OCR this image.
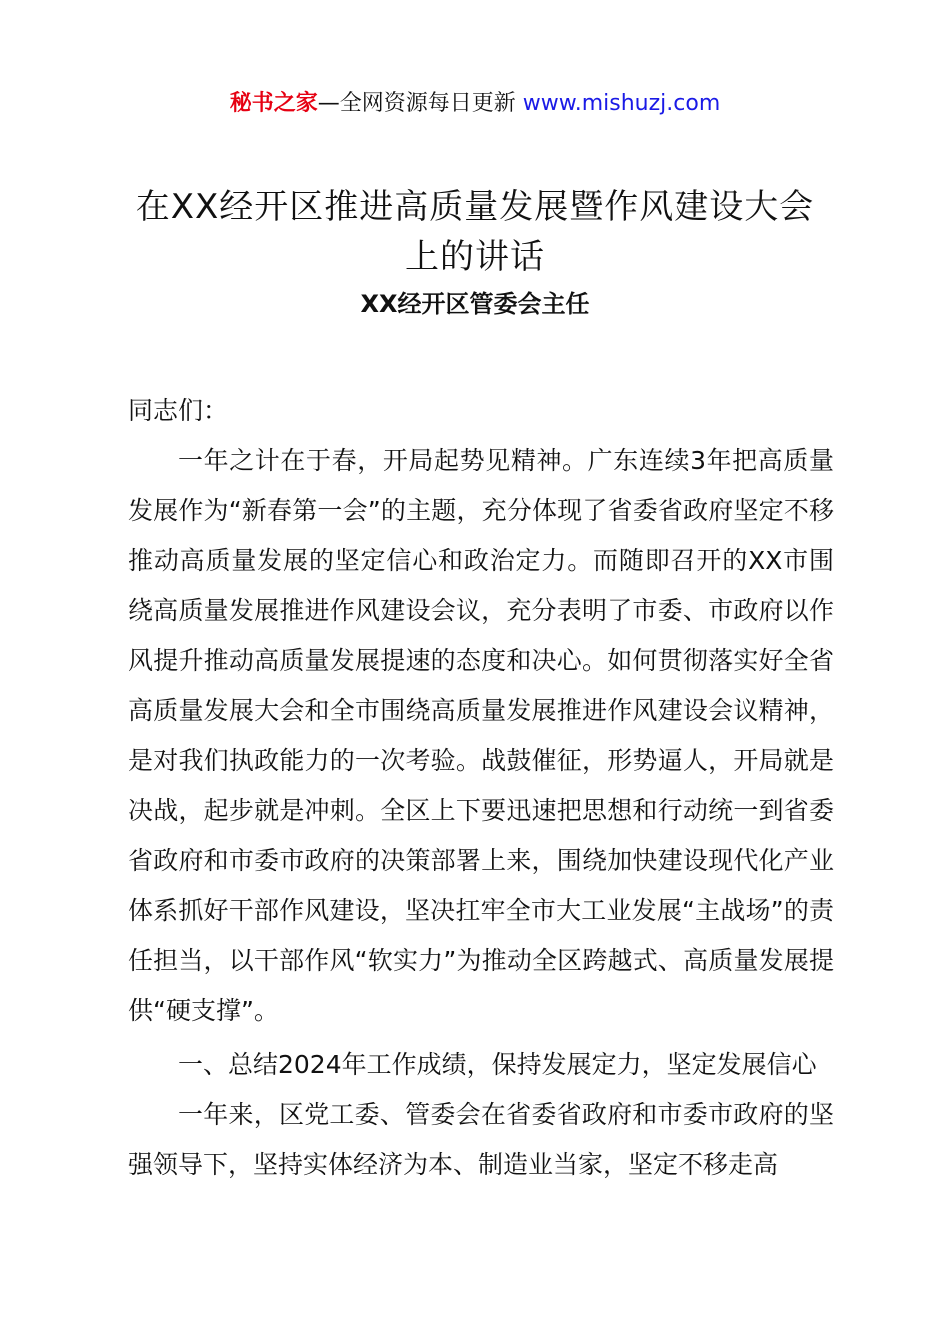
秘书之家—全网资源每日更新 www.mishuzj.com
在XX经开区推进高质量发展暨作风建设大会上的讲话
XX经开区管委会主任

同志们：

一年之计在于春，开局起势见精神。广东连续3年把高质量发展作为“新春第一会”的主题，充分体现了省委省政府坚定不移推动高质量发展的坚定信心和政治定力。而随即召开的XX市围绕高质量发展推进作风建设会议，充分表明了市委、市政府以作风提升推动高质量发展提速的态度和决心。如何贯彻落实好全省高质量发展大会和全市围绕高质量发展推进作风建设会议精神，是对我们执政能力的一次考验。战鼓催征，形势逼人，开局就是决战，起步就是冲刺。全区上下要迅速把思想和行动统一到省委省政府和市委市政府的决策部署上来，围绕加快建设现代化产业体系抓好干部作风建设，坚决扛牢全市大工业发展“主战场”的责任担当，以干部作风“软实力”为推动全区跨越式、高质量发展提供“硬支撑”。

一、总结2024年工作成绩，保持发展定力，坚定发展信心

一年来，区党工委、管委会在省委省政府和市委市政府的坚强领导下，坚持实体经济为本、制造业当家，坚定不移走高
